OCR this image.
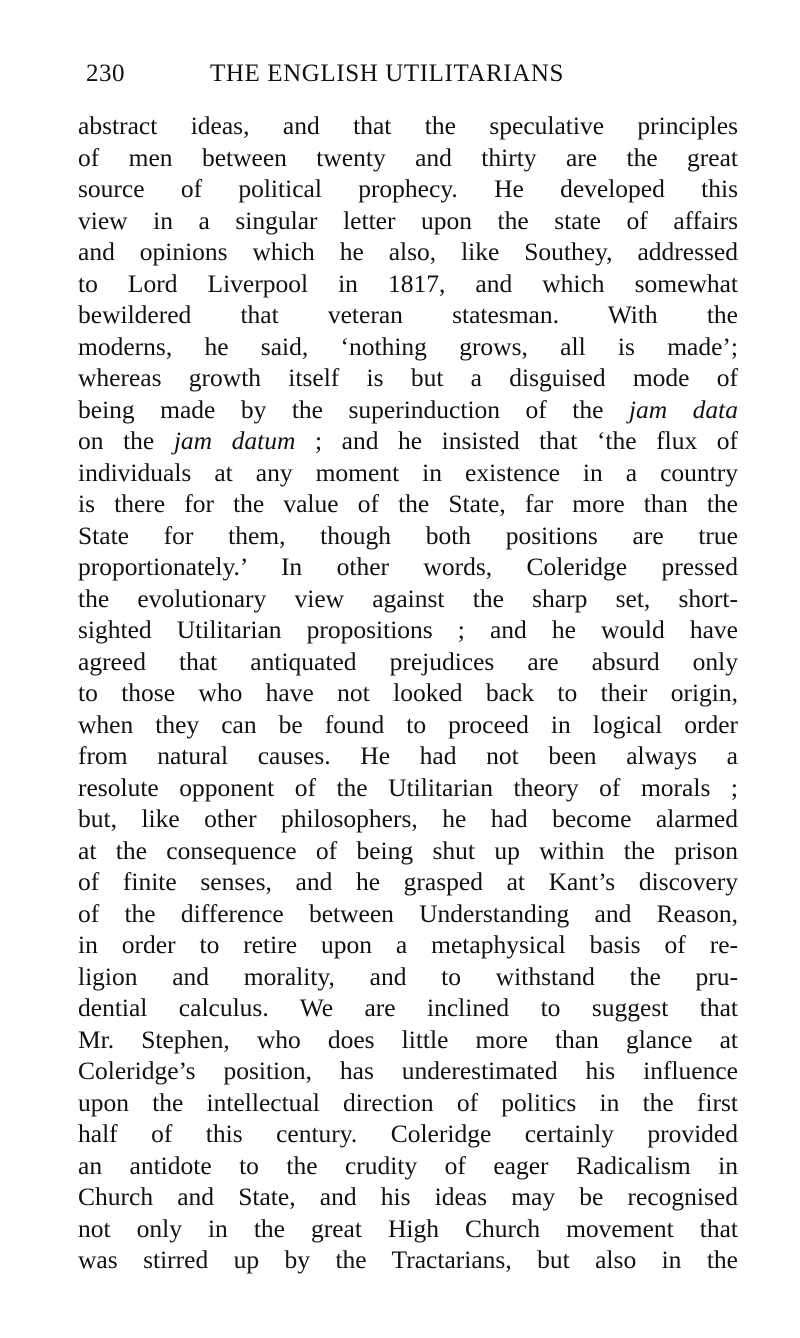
230	THE ENGLISH UTILITARIANS
abstract ideas, and that the speculative principles
of men between twenty and thirty are the great
source of political prophecy. He developed this
view in a singular letter upon the state of affairs
and opinions which he also, like Southey, addressed
to Lord Liverpool in 1817, and which somewhat
bewildered that veteran statesman. With the
moderns, he said, ‘nothing grows, all is made’;
whereas growth itself is but a disguised mode of
being made by the superinduction of the jam data
on the jam datum ; and he insisted that ‘the flux of
individuals at any moment in existence in a country
is there for the value of the State, far more than the
State for them, though both positions are true
proportionately.’ In other words, Coleridge pressed
the evolutionary view against the sharp set, short-
sighted Utilitarian propositions ; and he would have
agreed that antiquated prejudices are absurd only
to those who have not looked back to their origin,
when they can be found to proceed in logical order
from natural causes. He had not been always a
resolute opponent of the Utilitarian theory of morals ;
but, like other philosophers, he had become alarmed
at the consequence of being shut up within the prison
of finite senses, and he grasped at Kant’s discovery
of the difference between Understanding and Reason,
in order to retire upon a metaphysical basis of re-
ligion and morality, and to withstand the pru-
dential calculus. We are inclined to suggest that
Mr. Stephen, who does little more than glance at
Coleridge’s position, has underestimated his influence
upon the intellectual direction of politics in the first
half of this century. Coleridge certainly provided
an antidote to the crudity of eager Radicalism in
Church and State, and his ideas may be recognised
not only in the great High Church movement that
was stirred up by the Tractarians, but also in the
